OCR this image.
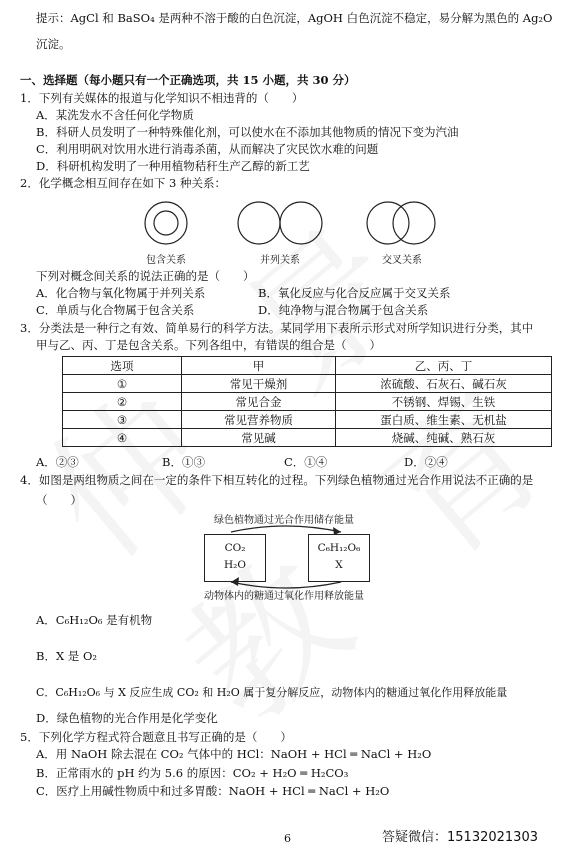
提示：AgCl 和 BaSO₄ 是两种不溶于酸的白色沉淀，AgOH 白色沉淀不稳定，易分解为黑色的 Ag₂O
沉淀。
一、选择题（每小题只有一个正确选项，共 15 小题，共 30 分）
1．下列有关媒体的报道与化学知识不相违背的（　　）
A．某洗发水不含任何化学物质
B．科研人员发明了一种特殊催化剂，可以使水在不添加其他物质的情况下变为汽油
C．利用明矾对饮用水进行消毒杀菌，从而解决了灾民饮水难的问题
D．科研机构发明了一种用植物秸秆生产乙醇的新工艺
2．化学概念相互间存在如下 3 种关系：
包含关系	并列关系	交叉关系
下列对概念间关系的说法正确的是（　　）
A．化合物与氧化物属于并列关系	B．氧化反应与化合反应属于交叉关系
C．单质与化合物属于包含关系	D．纯净物与混合物属于包含关系
3．分类法是一种行之有效、简单易行的科学方法。某同学用下表所示形式对所学知识进行分类，其中
甲与乙、丙、丁是包含关系。下列各组中，有错误的组合是（　　）
选项	甲	乙、丙、丁
①	常见干燥剂	浓硫酸、石灰石、碱石灰
②	常见合金	不锈钢、焊锡、生铁
③	常见营养物质	蛋白质、维生素、无机盐
④	常见碱	烧碱、纯碱、熟石灰
A．②③	B．①③	C．①④	D．②④
4．如图是两组物质之间在一定的条件下相互转化的过程。下列绿色植物通过光合作用说法不正确的是
（　　）
绿色植物通过光合作用储存能量
CO₂
H₂O
C₆H₁₂O₆
X
动物体内的糖通过氧化作用释放能量
A．C₆H₁₂O₆ 是有机物
B．X 是 O₂
C．C₆H₁₂O₆ 与 X 反应生成 CO₂ 和 H₂O 属于复分解反应，动物体内的糖通过氧化作用释放能量
D．绿色植物的光合作用是化学变化
5．下列化学方程式符合题意且书写正确的是（　　）
A．用 NaOH 除去混在 CO₂ 气体中的 HCl：NaOH + HCl ═ NaCl + H₂O
B．正常雨水的 pH 约为 5.6 的原因：CO₂ + H₂O ═ H₂CO₃
C．医疗上用碱性物质中和过多胃酸：NaOH + HCl ═ NaCl + H₂O
答疑微信：15132021303
6
